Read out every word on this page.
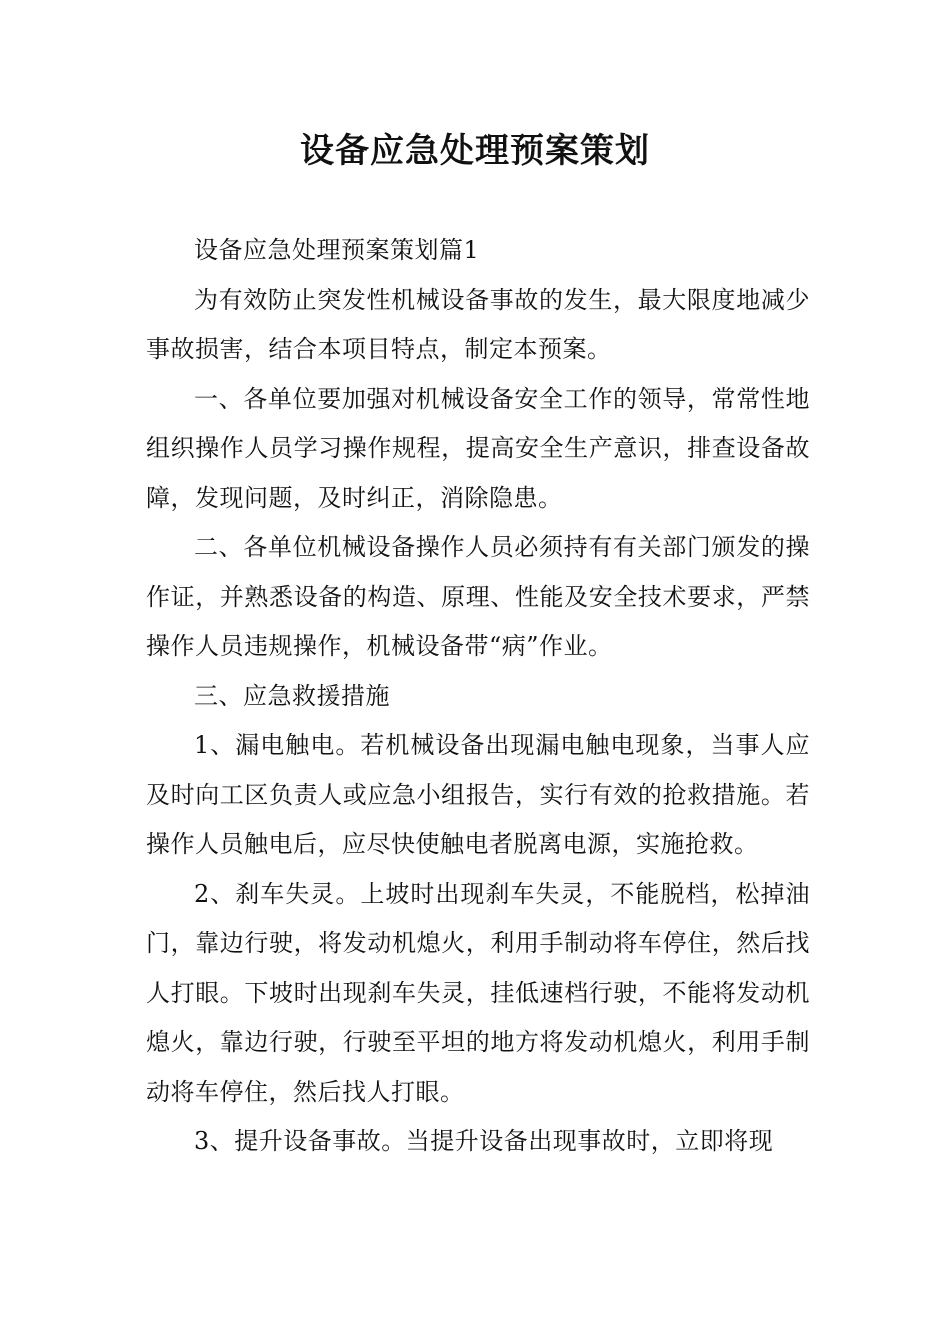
设备应急处理预案策划

设备应急处理预案策划篇1

为有效防止突发性机械设备事故的发生，最大限度地减少事故损害，结合本项目特点，制定本预案。

一、各单位要加强对机械设备安全工作的领导，常常性地组织操作人员学习操作规程，提高安全生产意识，排查设备故障，发现问题，及时纠正，消除隐患。

二、各单位机械设备操作人员必须持有有关部门颁发的操作证，并熟悉设备的构造、原理、性能及安全技术要求，严禁操作人员违规操作，机械设备带“病”作业。

三、应急救援措施

1、漏电触电。若机械设备出现漏电触电现象，当事人应及时向工区负责人或应急小组报告，实行有效的抢救措施。若操作人员触电后，应尽快使触电者脱离电源，实施抢救。

2、刹车失灵。上坡时出现刹车失灵，不能脱档，松掉油门，靠边行驶，将发动机熄火，利用手制动将车停住，然后找人打眼。下坡时出现刹车失灵，挂低速档行驶，不能将发动机熄火，靠边行驶，行驶至平坦的地方将发动机熄火，利用手制动将车停住，然后找人打眼。

3、提升设备事故。当提升设备出现事故时，立即将现
